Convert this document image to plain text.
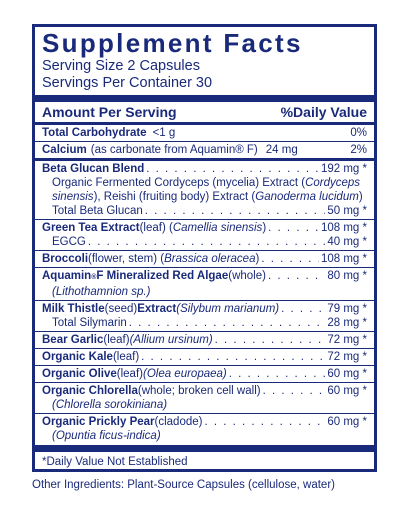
Supplement Facts
Serving Size 2 Capsules
Servings Per Container 30
Amount Per Serving	%Daily Value
Total Carbohydrate <1 g	0%
Calcium (as carbonate from Aquamin® F) 24 mg	2%
Beta Glucan Blend . . .	192 mg *
Organic Fermented Cordyceps (mycelia) Extract (Cordyceps
sinensis), Reishi (fruiting body) Extract (Ganoderma lucidum)
Total Beta Glucan . . .	50 mg *
Green Tea Extract (leaf) ( Camellia sinensis ) . . .	108 mg *
EGCG . . .	40 mg *
Broccoli (flower, stem) ( Brassica oleracea ) . . .	108 mg *
Aquamin ® F Mineralized Red Algae (whole) . . .	80 mg *
(Lithothamnion sp.)
Milk Thistle (seed) Extract (Silybum marianum) . . .	79 mg *
Total Silymarin . . .	28 mg *
Bear Garlic (leaf) (Allium ursinum) . . .	72 mg *
Organic Kale (leaf) . . .	72 mg *
Organic Olive (leaf) (Olea europaea) . . .	60 mg *
Organic Chlorella (whole; broken cell wall) . . .	60 mg *
(Chlorella sorokiniana)
Organic Prickly Pear (cladode) . . .	60 mg *
(Opuntia ficus-indica)
*Daily Value Not Established
Other Ingredients: Plant-Source Capsules (cellulose, water)
